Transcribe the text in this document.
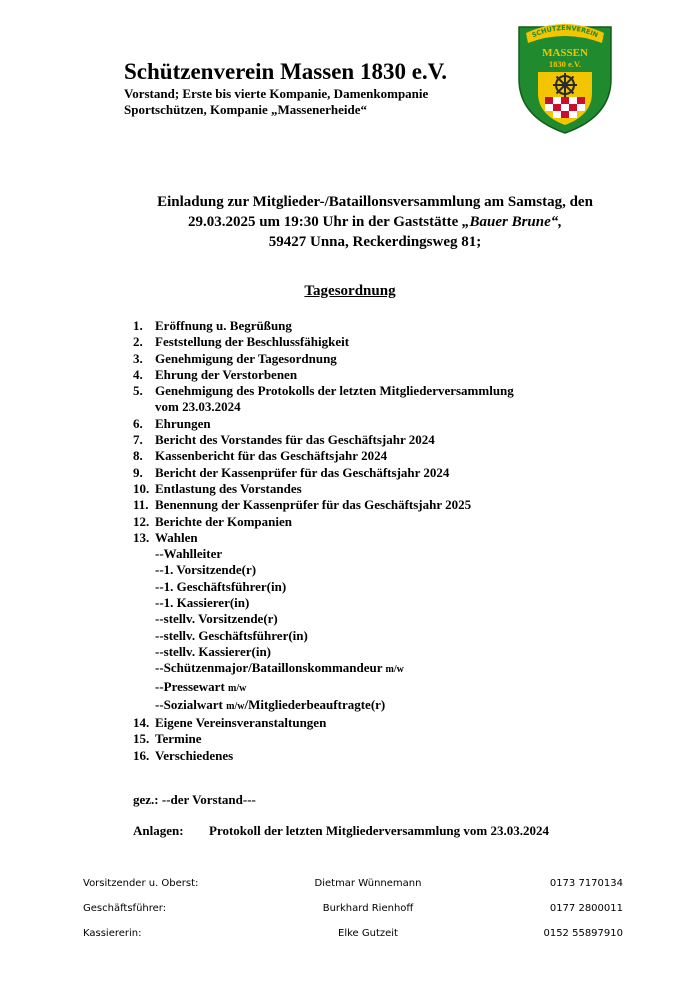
Schützenverein Massen 1830 e.V.
Vorstand; Erste bis vierte Kompanie, Damenkompanie
Sportschützen, Kompanie „Massenerheide“
SCHÜTZENVEREIN
MASSEN
1830 e.V.
Einladung zur Mitglieder-/Bataillonsversammlung am Samstag, den
29.03.2025 um 19:30 Uhr in der Gaststätte „Bauer Brune“,
59427 Unna, Reckerdingsweg 81;
Tagesordnung
1. Eröffnung u. Begrüßung
2. Feststellung der Beschlussfähigkeit
3. Genehmigung der Tagesordnung
4. Ehrung der Verstorbenen
5. Genehmigung des Protokolls der letzten Mitgliederversammlung
vom 23.03.2024
6. Ehrungen
7. Bericht des Vorstandes für das Geschäftsjahr 2024
8. Kassenbericht für das Geschäftsjahr 2024
9. Bericht der Kassenprüfer für das Geschäftsjahr 2024
10. Entlastung des Vorstandes
11. Benennung der Kassenprüfer für das Geschäftsjahr 2025
12. Berichte der Kompanien
13. Wahlen
--Wahlleiter
--1. Vorsitzende(r)
--1. Geschäftsführer(in)
--1. Kassierer(in)
--stellv. Vorsitzende(r)
--stellv. Geschäftsführer(in)
--stellv. Kassierer(in)
--Schützenmajor/Bataillonskommandeur m/w
--Pressewart m/w
--Sozialwart m/w/Mitgliederbeauftragte(r)
14. Eigene Vereinsveranstaltungen
15. Termine
16. Verschiedenes
gez.: --der Vorstand---
Anlagen: Protokoll der letzten Mitgliederversammlung vom 23.03.2024
Vorsitzender u. Oberst:	Dietmar Wünnemann	0173 7170134
Geschäftsführer:	Burkhard Rienhoff	0177 2800011
Kassiererin:	Elke Gutzeit	0152 55897910
